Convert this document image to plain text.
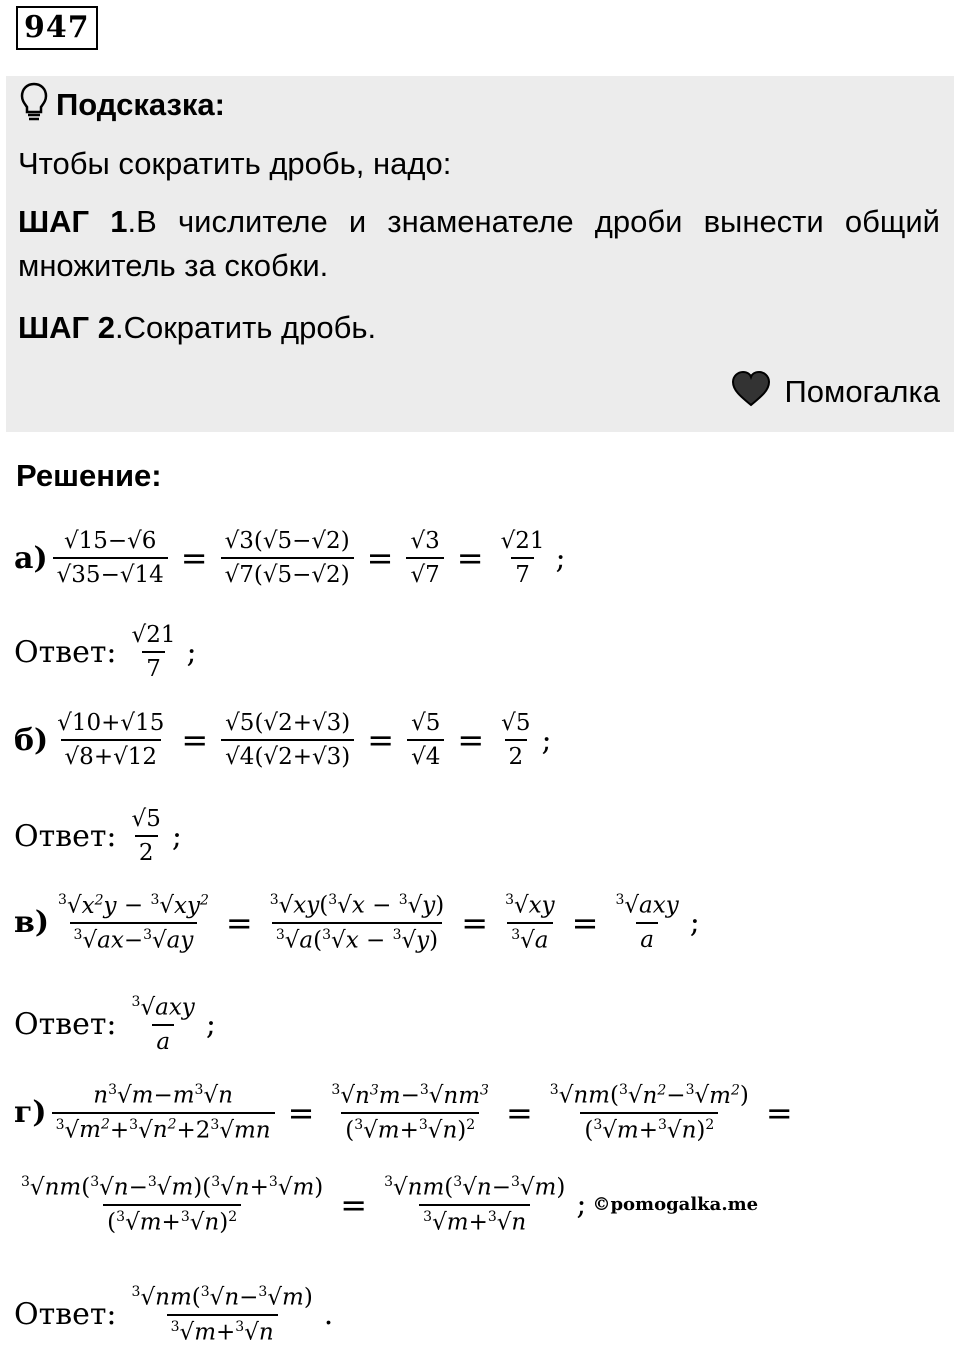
947
Подсказка:

Чтобы сократить дробь, надо:

ШАГ 1.В числителе и знаменателе дроби вынести общий множитель за скобки.

ШАГ 2.Сократить дробь.

Помогалка
Решение:
$а) \frac{√15-√6}{√35-√14} = \frac{√3(√5-√2)}{√7(√5-√2)} = \frac{√3}{√7} = \frac{√21}{7}$ ;
Ответ: $\frac{√21}{7}$ ;
$б) \frac{√10+√15}{√8+√12} = \frac{√5(√2+√3)}{√4(√2+√3)} = \frac{√5}{√4} = \frac{√5}{2}$ ;
Ответ: $\frac{√5}{2}$ ;
$в) \frac{^3√x^2y - ^3√xy^2}{^3√ax-^3√ay} = \frac{^3√xy(^3√x - ^3√y)}{^3√a(^3√x - ^3√y)} = \frac{^3√xy}{^3√a} = \frac{^3√axy}{a}$ ;
Ответ: $\frac{^3√axy}{a}$ ;
$г) \frac{n^3√m-m^3√n}{^3√m^2+^3√n^2+2^3√mn} = \frac{^3√n^3m-^3√nm^3}{(^3√m+^3√n)^2} = \frac{^3√nm(^3√n^2-^3√m^2)}{(^3√m+^3√n)^2}$ =
$\frac{^3√nm(^3√n-^3√m)(^3√n+^3√m)}{(^3√m+^3√n)^2} = \frac{^3√nm(^3√n-^3√m)}{^3√m+^3√n}$ ; ©pomogalka.me
Ответ: $\frac{^3√nm(^3√n-^3√m)}{^3√m+^3√n}$ .
